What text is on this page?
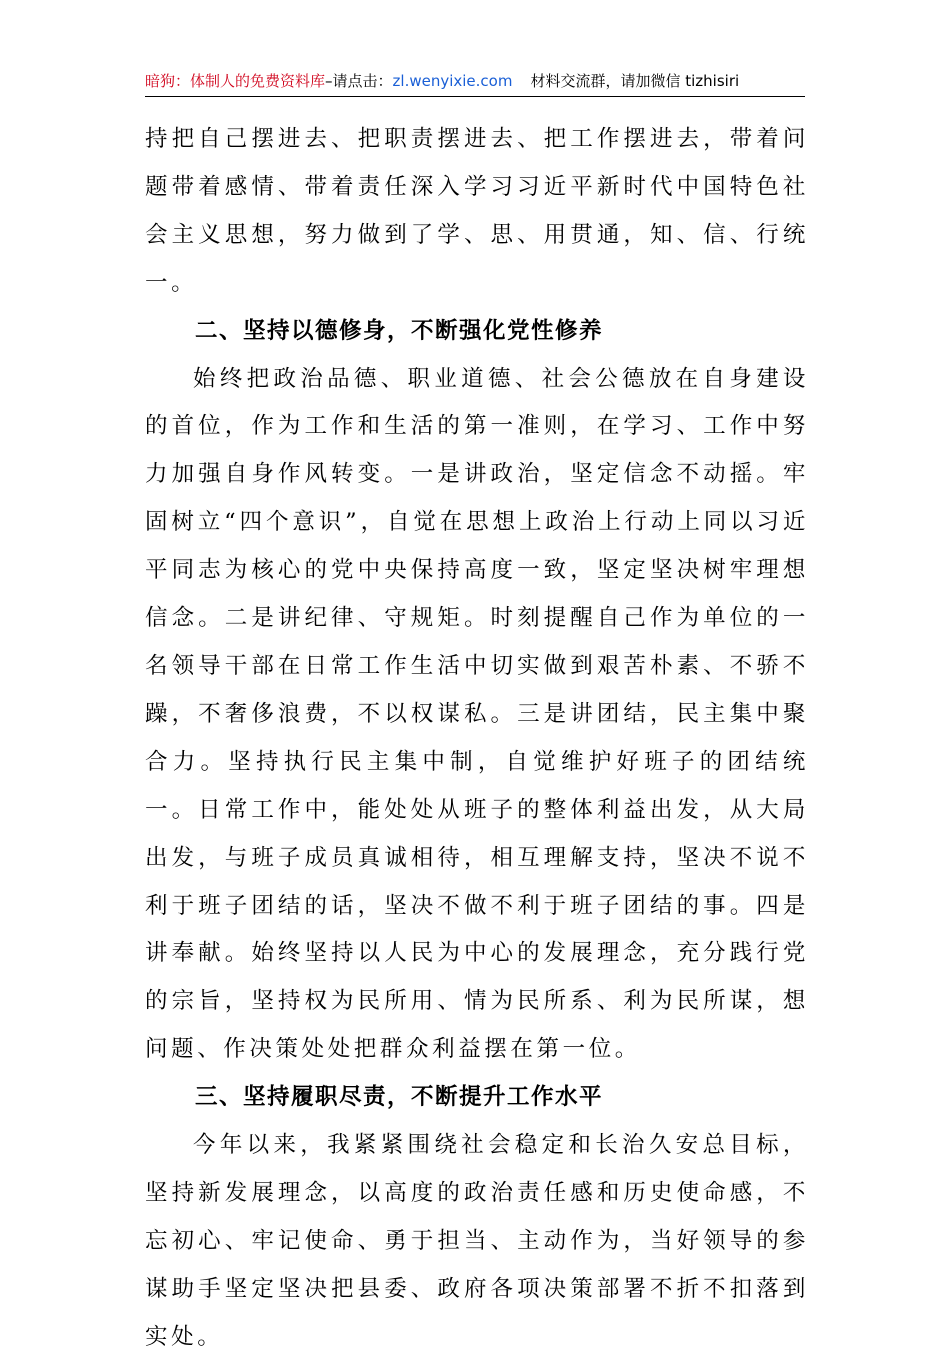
暗狗：体制人的免费资料库–请点击：zl.wenyixie.com 材料交流群，请加微信 tizhisiri

持把自己摆进去、把职责摆进去、把工作摆进去，带着问题带着感情、带着责任深入学习习近平新时代中国特色社会主义思想，努力做到了学、思、用贯通，知、信、行统一。

二、坚持以德修身，不断强化党性修养

始终把政治品德、职业道德、社会公德放在自身建设的首位，作为工作和生活的第一准则，在学习、工作中努力加强自身作风转变。一是讲政治，坚定信念不动摇。牢固树立“四个意识”，自觉在思想上政治上行动上同以习近平同志为核心的党中央保持高度一致，坚定坚决树牢理想信念。二是讲纪律、守规矩。时刻提醒自己作为单位的一名领导干部在日常工作生活中切实做到艰苦朴素、不骄不躁，不奢侈浪费，不以权谋私。三是讲团结，民主集中聚合力。坚持执行民主集中制，自觉维护好班子的团结统一。日常工作中，能处处从班子的整体利益出发，从大局出发，与班子成员真诚相待，相互理解支持，坚决不说不利于班子团结的话，坚决不做不利于班子团结的事。四是讲奉献。始终坚持以人民为中心的发展理念，充分践行党的宗旨，坚持权为民所用、情为民所系、利为民所谋，想问题、作决策处处把群众利益摆在第一位。

三、坚持履职尽责，不断提升工作水平

今年以来，我紧紧围绕社会稳定和长治久安总目标，坚持新发展理念，以高度的政治责任感和历史使命感，不忘初心、牢记使命、勇于担当、主动作为，当好领导的参谋助手坚定坚决把县委、政府各项决策部署不折不扣落到实处。
